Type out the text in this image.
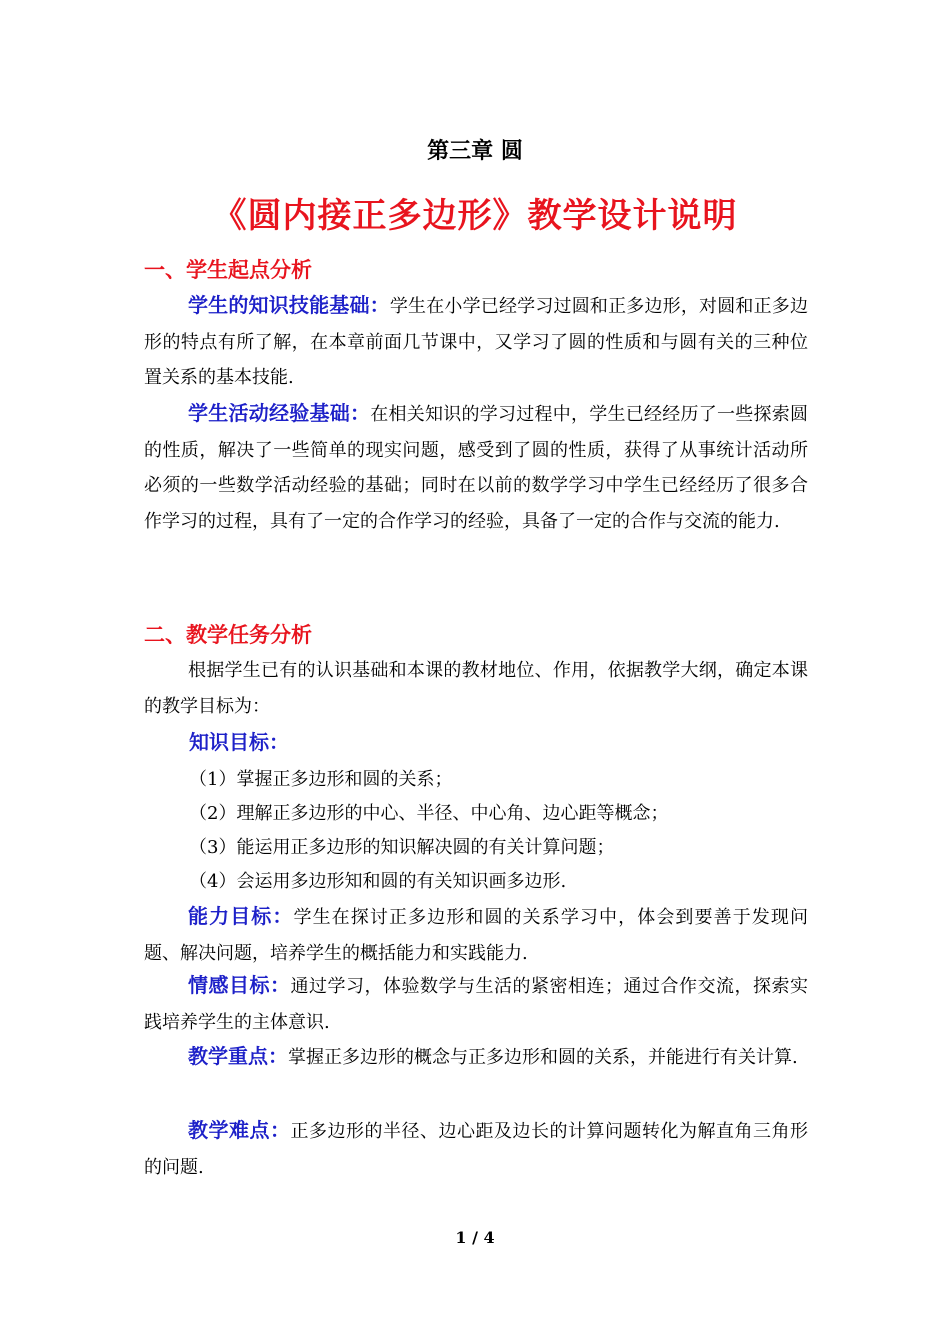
第三章 圆
《圆内接正多边形》教学设计说明
一、学生起点分析
学生的知识技能基础：学生在小学已经学习过圆和正多边形，对圆和正多边形的特点有所了解，在本章前面几节课中，又学习了圆的性质和与圆有关的三种位置关系的基本技能.
学生活动经验基础：在相关知识的学习过程中，学生已经经历了一些探索圆的性质，解决了一些简单的现实问题，感受到了圆的性质，获得了从事统计活动所必须的一些数学活动经验的基础；同时在以前的数学学习中学生已经经历了很多合作学习的过程，具有了一定的合作学习的经验，具备了一定的合作与交流的能力.
二、教学任务分析
根据学生已有的认识基础和本课的教材地位、作用，依据教学大纲，确定本课的教学目标为：
知识目标：
（1）掌握正多边形和圆的关系；
（2）理解正多边形的中心、半径、中心角、边心距等概念；
（3）能运用正多边形的知识解决圆的有关计算问题；
（4）会运用多边形知和圆的有关知识画多边形.
能力目标：学生在探讨正多边形和圆的关系学习中，体会到要善于发现问题、解决问题，培养学生的概括能力和实践能力.
情感目标：通过学习，体验数学与生活的紧密相连；通过合作交流，探索实践培养学生的主体意识.
教学重点：掌握正多边形的概念与正多边形和圆的关系，并能进行有关计算.
教学难点：正多边形的半径、边心距及边长的计算问题转化为解直角三角形的问题.
1 / 4
